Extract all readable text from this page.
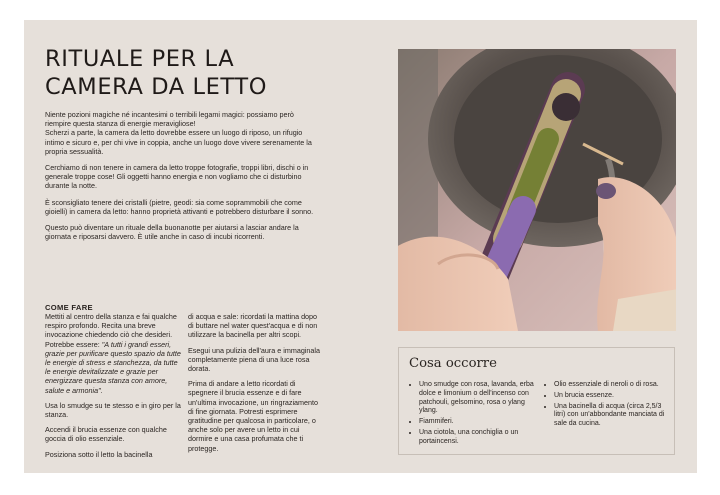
RITUALE PER LA
CAMERA DA LETTO

Niente pozioni magiche né incantesimi o terribili legami magici: possiamo però riempire questa stanza di energie meravigliose!
Scherzi a parte, la camera da letto dovrebbe essere un luogo di riposo, un rifugio intimo e sicuro e, per chi vive in coppia, anche un luogo dove vivere serenamente la propria sessualità.

Cerchiamo di non tenere in camera da letto troppe fotografie, troppi libri, dischi o in generale troppe cose! Gli oggetti hanno energia e non vogliamo che ci disturbino durante la notte.

È sconsigliato tenere dei cristalli (pietre, geodi: sia come soprammobili che come gioielli) in camera da letto: hanno proprietà attivanti e potrebbero disturbare il sonno.

Questo può diventare un rituale della buonanotte per aiutarsi a lasciar andare la giornata e riposarsi davvero. È utile anche in caso di incubi ricorrenti.

COME FARE

Mettiti al centro della stanza e fai qualche respiro profondo. Recita una breve invocazione chiedendo ciò che desideri. Potrebbe essere: "A tutti i grandi esseri, grazie per purificare questo spazio da tutte le energie di stress e stanchezza, da tutte le energie devitalizzate e grazie per energizzare questa stanza con amore, salute e armonia".

Usa lo smudge su te stesso e in giro per la stanza.

Accendi il brucia essenze con qualche goccia di olio essenziale.

Posiziona sotto il letto la bacinella

di acqua e sale: ricordati la mattina dopo di buttare nel water quest'acqua e di non utilizzare la bacinella per altri scopi.

Esegui una pulizia dell'aura e immaginala completamente piena di una luce rosa dorata.

Prima di andare a letto ricordati di spegnere il brucia essenze e di fare un'ultima invocazione, un ringraziamento di fine giornata. Potresti esprimere gratitudine per qualcosa in particolare, o anche solo per avere un letto in cui dormire e una casa profumata che ti protegge.

Cosa occorre
• Uno smudge con rosa, lavanda, erba dolce e limonium o dell'incenso con patchouli, gelsomino, rosa o ylang ylang.
• Fiammiferi.
• Una ciotola, una conchiglia o un portaincensi.
• Olio essenziale di neroli o di rosa.
• Un brucia essenze.
• Una bacinella di acqua (circa 2,5/3 litri) con un'abbondante manciata di sale da cucina.
